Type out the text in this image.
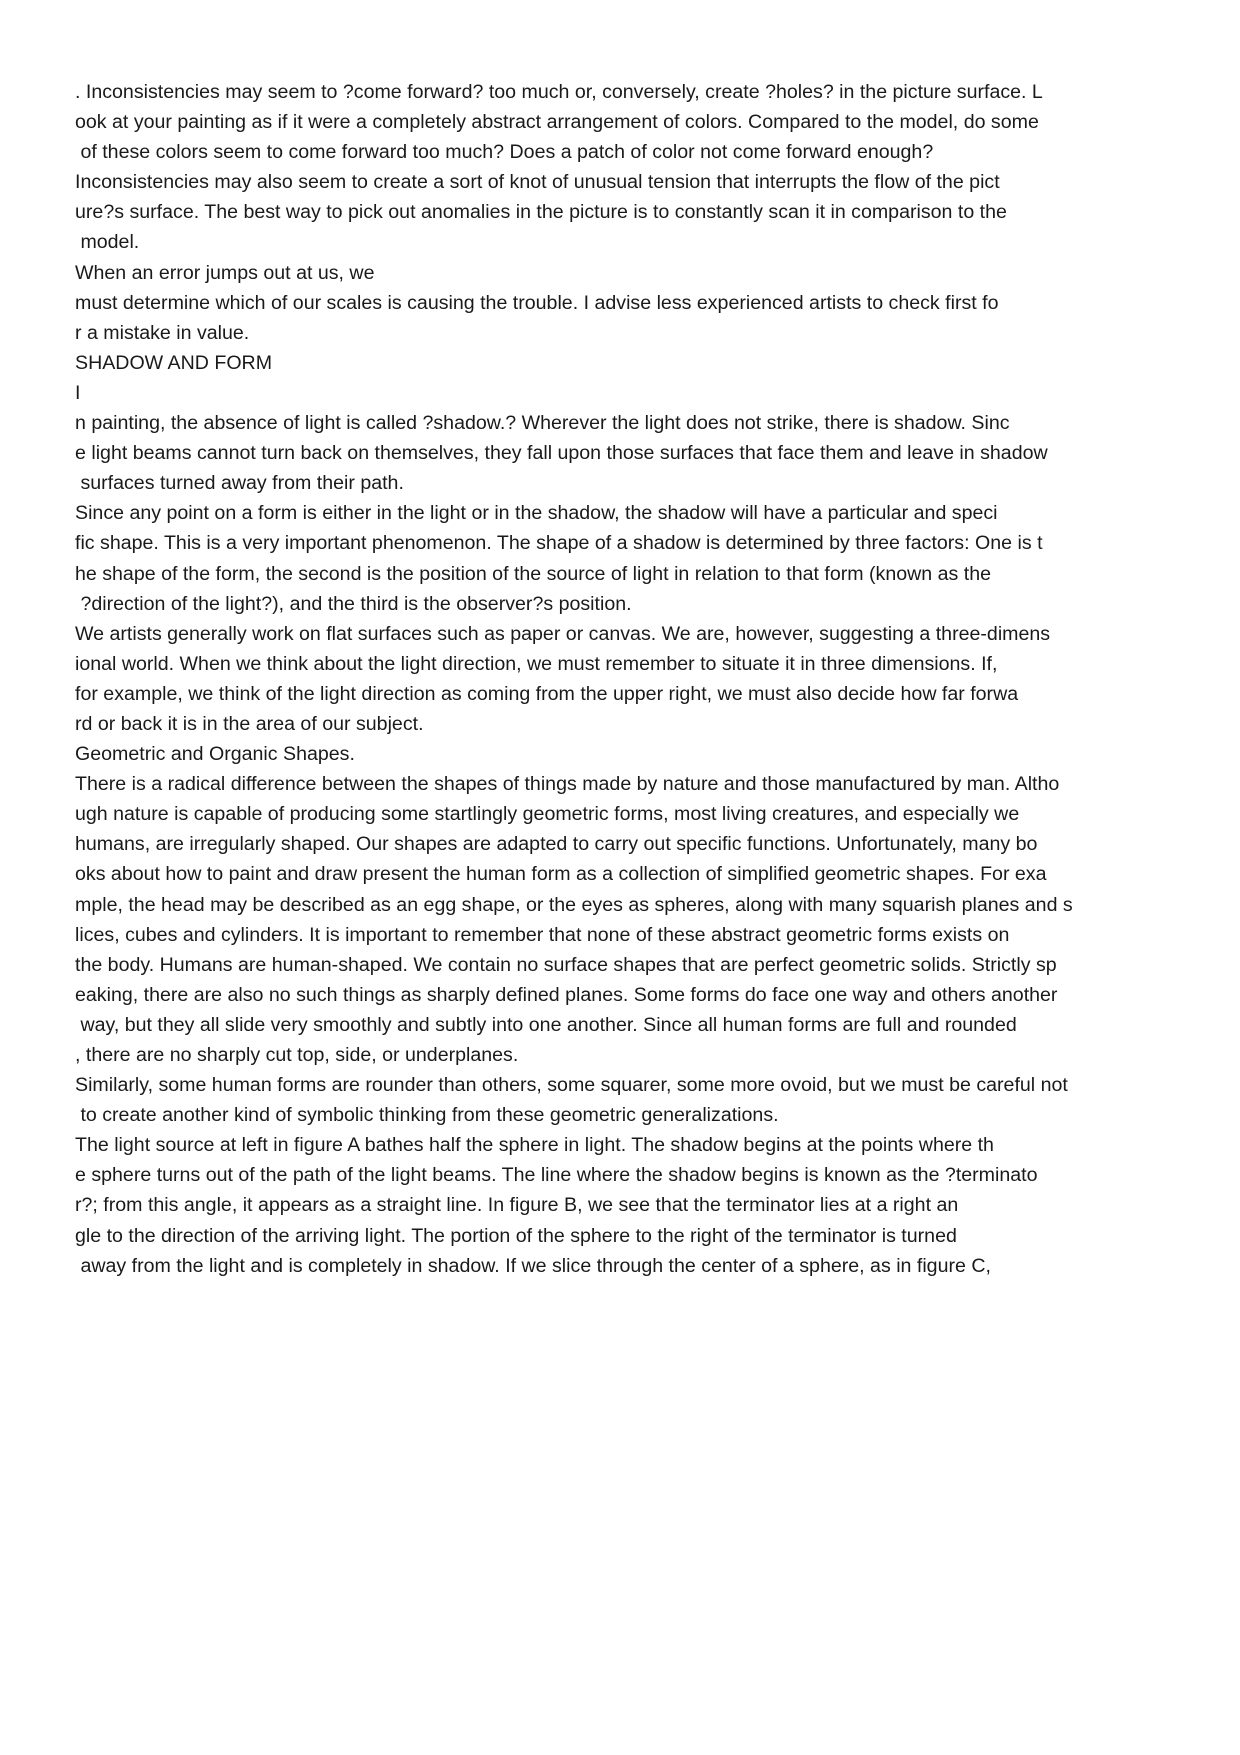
. Inconsistencies may seem to ?come forward? too much or, conversely, create ?holes? in the picture surface. L
ook at your painting as if it were a completely abstract arrangement of colors. Compared to the model, do some
of these colors seem to come forward too much? Does a patch of color not come forward enough?
Inconsistencies may also seem to create a sort of knot of unusual tension that interrupts the flow of the pict
ure?s surface. The best way to pick out anomalies in the picture is to constantly scan it in comparison to the
model.
When an error jumps out at us, we
must determine which of our scales is causing the trouble. I advise less experienced artists to check first fo
r a mistake in value.
SHADOW AND FORM
I
n painting, the absence of light is called ?shadow.? Wherever the light does not strike, there is shadow. Sinc
e light beams cannot turn back on themselves, they fall upon those surfaces that face them and leave in shadow
surfaces turned away from their path.
Since any point on a form is either in the light or in the shadow, the shadow will have a particular and speci
fic shape. This is a very important phenomenon. The shape of a shadow is determined by three factors: One is t
he shape of the form, the second is the position of the source of light in relation to that form (known as the
?direction of the light?), and the third is the observer?s position.
We artists generally work on flat surfaces such as paper or canvas. We are, however, suggesting a three-dimens
ional world. When we think about the light direction, we must remember to situate it in three dimensions. If,
for example, we think of the light direction as coming from the upper right, we must also decide how far forwa
rd or back it is in the area of our subject.
Geometric and Organic Shapes.
There is a radical difference between the shapes of things made by nature and those manufactured by man. Altho
ugh nature is capable of producing some startlingly geometric forms, most living creatures, and especially we
humans, are irregularly shaped. Our shapes are adapted to carry out specific functions. Unfortunately, many bo
oks about how to paint and draw present the human form as a collection of simplified geometric shapes. For exa
mple, the head may be described as an egg shape, or the eyes as spheres, along with many squarish planes and s
lices, cubes and cylinders. It is important to remember that none of these abstract geometric forms exists on
the body. Humans are human-shaped. We contain no surface shapes that are perfect geometric solids. Strictly sp
eaking, there are also no such things as sharply defined planes. Some forms do face one way and others another
way, but they all slide very smoothly and subtly into one another. Since all human forms are full and rounded
, there are no sharply cut top, side, or underplanes.
Similarly, some human forms are rounder than others, some squarer, some more ovoid, but we must be careful not
to create another kind of symbolic thinking from these geometric generalizations.
The light source at left in figure A bathes half the sphere in light. The shadow begins at the points where th
e sphere turns out of the path of the light beams. The line where the shadow begins is known as the ?terminato
r?; from this angle, it appears as a straight line. In figure B, we see that the terminator lies at a right an
gle to the direction of the arriving light. The portion of the sphere to the right of the terminator is turned
away from the light and is completely in shadow. If we slice through the center of a sphere, as in figure C,
